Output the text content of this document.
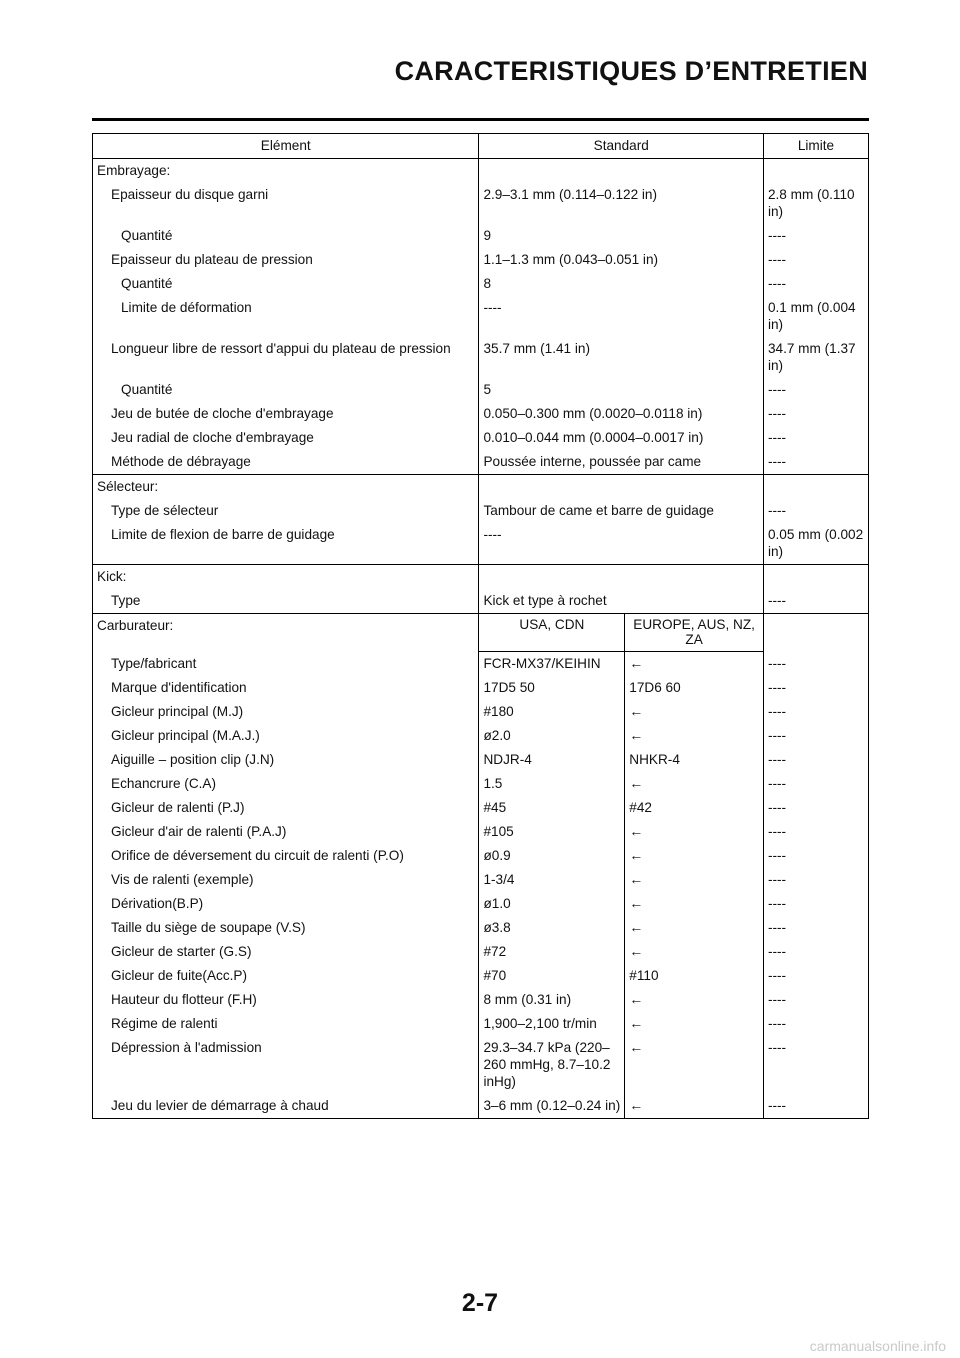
CARACTERISTIQUES D’ENTRETIEN
Elément	Standard		Limite
Embrayage:			
Epaisseur du disque garni	2.9–3.1 mm (0.114–0.122 in)		2.8 mm (0.110 in)
Quantité	9		----
Epaisseur du plateau de pression	1.1–1.3 mm (0.043–0.051 in)		----
Quantité	8		----
Limite de déformation	----		0.1 mm (0.004 in)
Longueur libre de ressort d'appui du plateau de pression	35.7 mm (1.41 in)		34.7 mm (1.37 in)
Quantité	5		----
Jeu de butée de cloche d'embrayage	0.050–0.300 mm (0.0020–0.0118 in)		----
Jeu radial de cloche d'embrayage	0.010–0.044 mm (0.0004–0.0017 in)		----
Méthode de débrayage	Poussée interne, poussée par came		----
Sélecteur:			
Type de sélecteur	Tambour de came et barre de guidage		----
Limite de flexion de barre de guidage	----		0.05 mm (0.002 in)
Kick:			
Type	Kick et type à rochet		----
Carburateur:	USA, CDN	EUROPE, AUS, NZ, ZA	
Type/fabricant	FCR-MX37/KEIHIN	←	----
Marque d'identification	17D5 50	17D6 60	----
Gicleur principal (M.J)	#180	←	----
Gicleur principal (M.A.J.)	ø2.0	←	----
Aiguille – position clip (J.N)	NDJR-4	NHKR-4	----
Echancrure (C.A)	1.5	←	----
Gicleur de ralenti (P.J)	#45	#42	----
Gicleur d'air de ralenti (P.A.J)	#105	←	----
Orifice de déversement du circuit de ralenti (P.O)	ø0.9	←	----
Vis de ralenti (exemple)	1-3/4	←	----
Dérivation(B.P)	ø1.0	←	----
Taille du siège de soupape (V.S)	ø3.8	←	----
Gicleur de starter (G.S)	#72	←	----
Gicleur de fuite(Acc.P)	#70	#110	----
Hauteur du flotteur (F.H)	8 mm (0.31 in)	←	----
Régime de ralenti	1,900–2,100 tr/min	←	----
Dépression à l'admission	29.3–34.7 kPa (220–260 mmHg, 8.7–10.2 inHg)	←	----
Jeu du levier de démarrage à chaud	3–6 mm (0.12–0.24 in)	←	----
2-7
carmanualsonline.info
